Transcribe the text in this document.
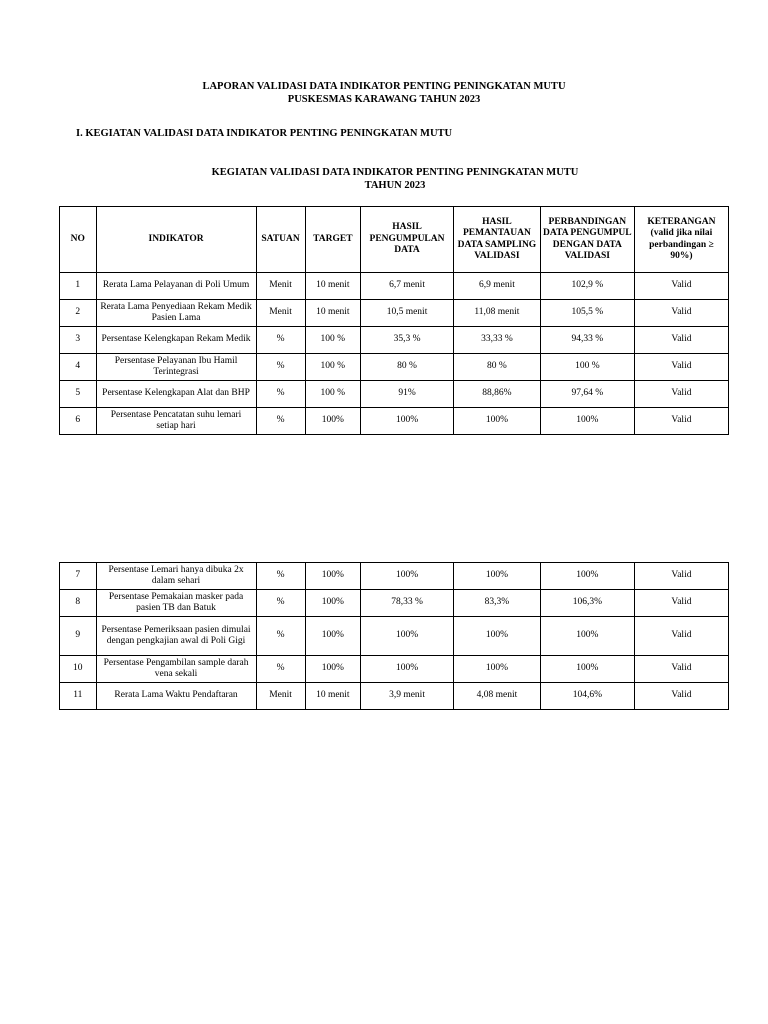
LAPORAN VALIDASI DATA INDIKATOR PENTING PENINGKATAN MUTU
PUSKESMAS KARAWANG TAHUN 2023
I. KEGIATAN VALIDASI DATA INDIKATOR PENTING PENINGKATAN MUTU
KEGIATAN VALIDASI DATA INDIKATOR PENTING PENINGKATAN MUTU
TAHUN 2023
NO	INDIKATOR	SATUAN	TARGET	HASIL PENGUMPULAN DATA	HASIL PEMANTAUAN DATA SAMPLING VALIDASI	PERBANDINGAN DATA PENGUMPUL DENGAN DATA VALIDASI	KETERANGAN
(valid jika nilai perbandingan ≥ 90%)

1	Rerata Lama Pelayanan di Poli Umum	Menit	10 menit	6,7 menit	6,9 menit	102,9 %	Valid
2	Rerata Lama Penyediaan Rekam Medik Pasien Lama	Menit	10 menit	10,5 menit	11,08 menit	105,5 %	Valid
3	Persentase Kelengkapan Rekam Medik	%	100 %	35,3 %	33,33 %	94,33 %	Valid
4	Persentase Pelayanan Ibu Hamil Terintegrasi	%	100 %	80 %	80 %	100 %	Valid
5	Persentase Kelengkapan Alat dan BHP	%	100 %	91%	88,86%	97,64 %	Valid
6	Persentase Pencatatan suhu lemari setiap hari	%	100%	100%	100%	100%	Valid
7	Persentase Lemari hanya dibuka 2x dalam sehari	%	100%	100%	100%	100%	Valid
8	Persentase Pemakaian masker pada pasien TB dan Batuk	%	100%	78,33 %	83,3%	106,3%	Valid
9	Persentase Pemeriksaan pasien dimulai dengan pengkajian awal di Poli Gigi	%	100%	100%	100%	100%	Valid
10	Persentase Pengambilan sample darah vena sekali	%	100%	100%	100%	100%	Valid
11	Rerata Lama Waktu Pendaftaran	Menit	10 menit	3,9 menit	4,08 menit	104,6%	Valid
